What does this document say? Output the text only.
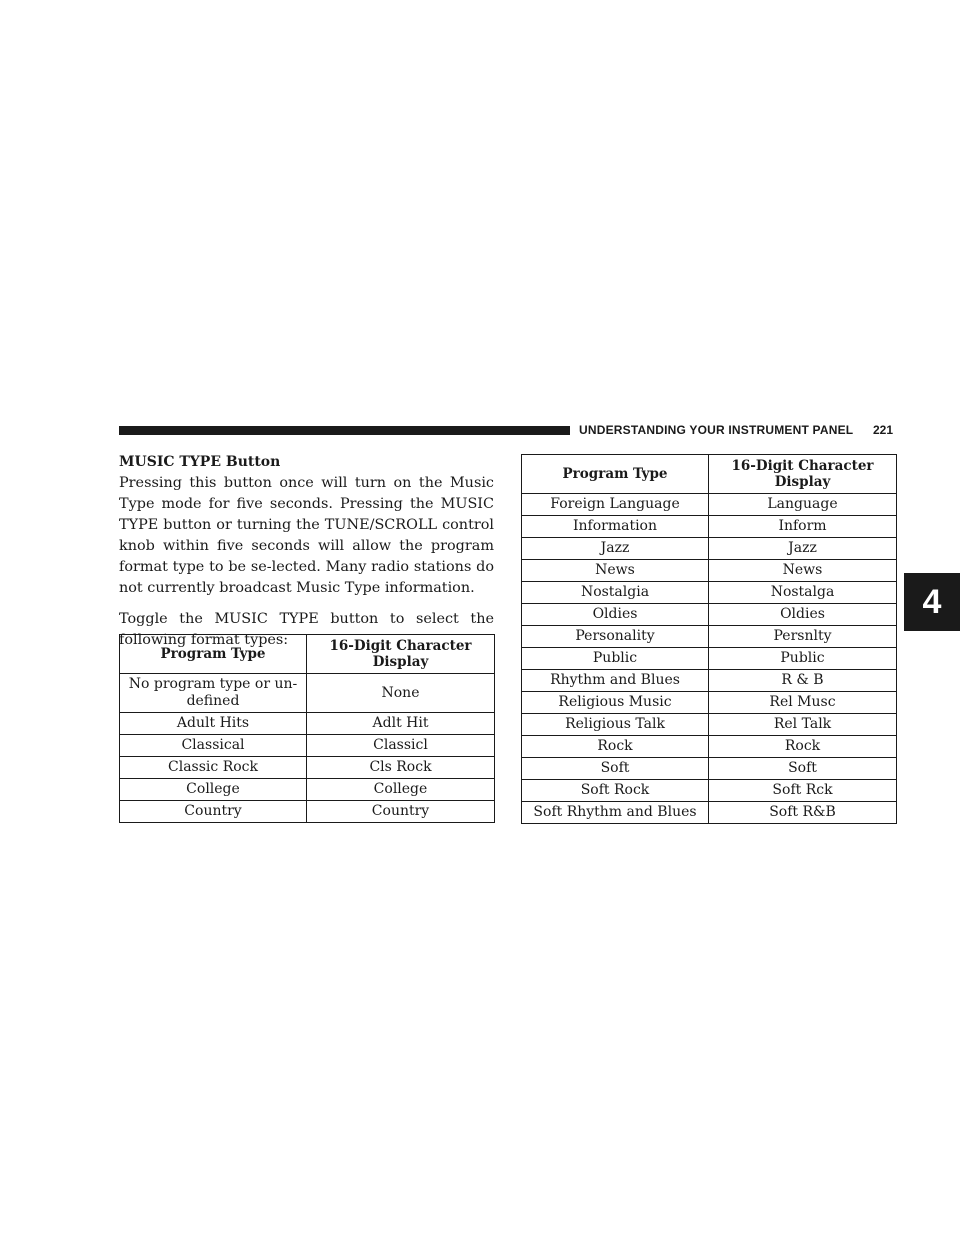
UNDERSTANDING YOUR INSTRUMENT PANEL 221
4
MUSIC TYPE Button

Pressing this button once will turn on the Music Type mode for five seconds. Pressing the MUSIC TYPE button or turning the TUNE/SCROLL control knob within five seconds will allow the program format type to be se-lected. Many radio stations do not currently broadcast Music Type information.

Toggle the MUSIC TYPE button to select the following format types:

Program Type	16-Digit Character Display
No program type or un-defined	None
Adult Hits	Adlt Hit
Classical	Classicl
Classic Rock	Cls Rock
College	College
Country	Country
Program Type	16-Digit Character Display
Foreign Language	Language
Information	Inform
Jazz	Jazz
News	News
Nostalgia	Nostalga
Oldies	Oldies
Personality	Persnlty
Public	Public
Rhythm and Blues	R & B
Religious Music	Rel Musc
Religious Talk	Rel Talk
Rock	Rock
Soft	Soft
Soft Rock	Soft Rck
Soft Rhythm and Blues	Soft R&B
